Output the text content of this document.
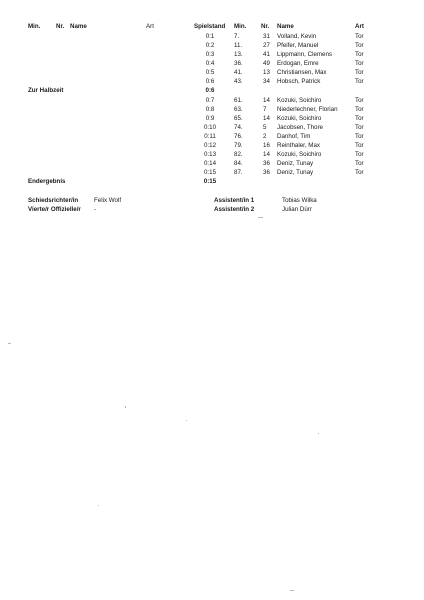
Min.	Nr. Name	Art	Spielstand Min. Nr. Name	Art
0:1	7.	31 Volland, Kevin	Tor
0:2	11.	27 Pfeifer, Manuel	Tor
0:3	13.	41 Lippmann, Clemens	Tor
0:4	36.	49 Erdogan, Emre	Tor
0:5	41.	13 Christiansen, Max	Tor
0:6	43.	34 Hobsch, Patrick	Tor
Zur Halbzeit	0:6
0:7	61.	14 Kozuki, Soichiro	Tor
0:8	63.	7 Niederlechner, Florian	Tor
0:9	65.	14 Kozuki, Soichiro	Tor
0:10	74.	5 Jacobsen, Thore	Tor
0:11	76.	2 Danhof, Tim	Tor
0:12	79.	16 Reinthaler, Max	Tor
0:13	82.	14 Kozuki, Soichiro	Tor
0:14	84.	36 Deniz, Tunay	Tor
0:15	87.	36 Deniz, Tunay	Tor
Endergebnis	0:15
Schiedsrichter/in	Felix Wolf
Vierte/r Offizielle/r -
Assistent/in 1	Tobias Wilka
Assistent/in 2	Julian Dürr
